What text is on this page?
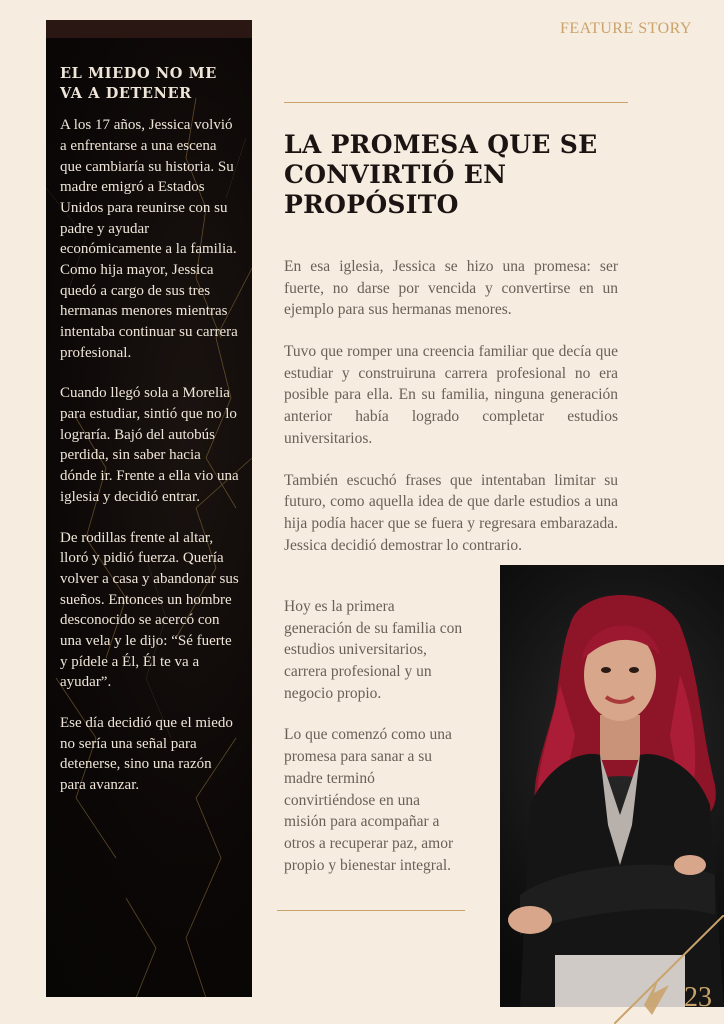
FEATURE STORY
EL MIEDO NO ME VA A DETENER

A los 17 años, Jessica volvió a enfrentarse a una escena que cambiaría su historia. Su madre emigró a Estados Unidos para reunirse con su padre y ayudar económicamente a la familia. Como hija mayor, Jessica quedó a cargo de sus tres hermanas menores mientras intentaba continuar su carrera profesional.

Cuando llegó sola a Morelia para estudiar, sintió que no lo lograría. Bajó del autobús perdida, sin saber hacia dónde ir. Frente a ella vio una iglesia y decidió entrar.

De rodillas frente al altar, lloró y pidió fuerza. Quería volver a casa y abandonar sus sueños. Entonces un hombre desconocido se acercó con una vela y le dijo: “Sé fuerte y pídele a Él, Él te va a ayudar”.

Ese día decidió que el miedo no sería una señal para detenerse, sino una razón para avanzar.

LA PROMESA QUE SE CONVIRTIÓ EN PROPÓSITO

En esa iglesia, Jessica se hizo una promesa: ser fuerte, no darse por vencida y convertirse en un ejemplo para sus hermanas menores.

Tuvo que romper una creencia familiar que decía que estudiar y construiruna carrera profesional no era posible para ella. En su familia, ninguna generación anterior había logrado completar estudios universitarios.

También escuchó frases que intentaban limitar su futuro, como aquella idea de que darle estudios a una hija podía hacer que se fuera y regresara embarazada. Jessica decidió demostrar lo contrario.

Hoy es la primera generación de su familia con estudios universitarios, carrera profesional y un negocio propio.

Lo que comenzó como una promesa para sanar a su madre terminó convirtiéndose en una misión para acompañar a otros a recuperar paz, amor propio y bienestar integral.

23
